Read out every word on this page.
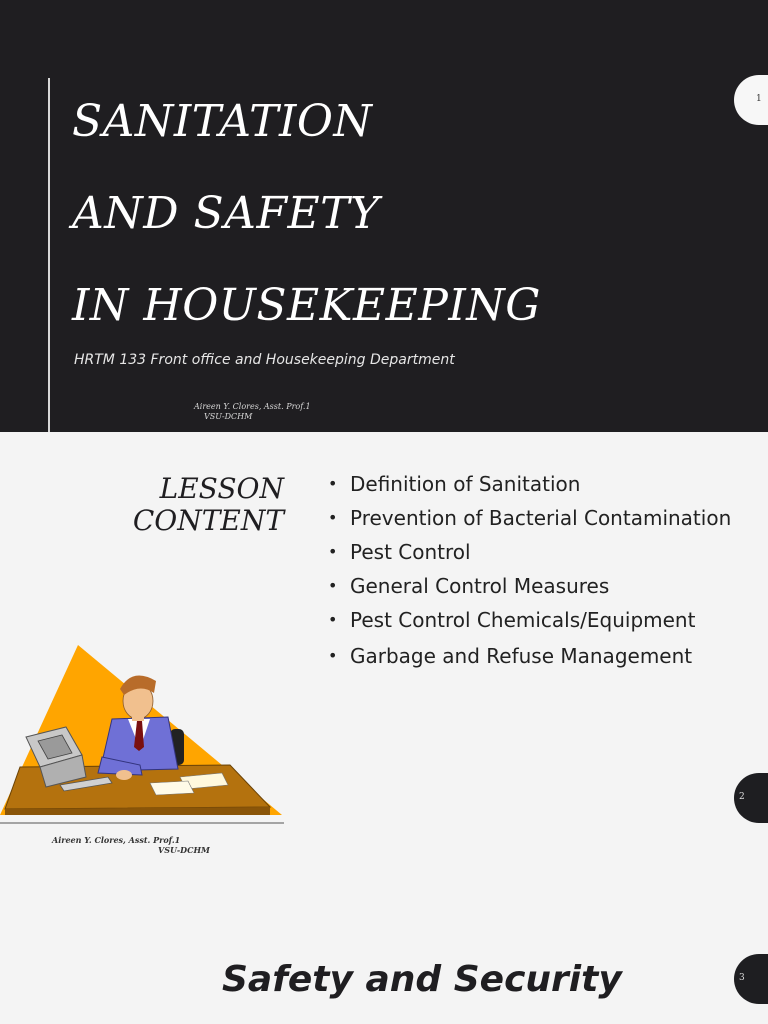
SANITATION
AND SAFETY
IN HOUSEKEEPING
HRTM 133 Front office and Housekeeping Department
Aireen Y. Clores, Asst. Prof.1
VSU-DCHM
1
LESSON
CONTENT
• Definition of Sanitation
• Prevention of Bacterial Contamination
• Pest Control
• General Control Measures
• Pest Control Chemicals/Equipment
• Garbage and Refuse Management
Aireen Y. Clores, Asst. Prof.1
VSU-DCHM
2
Safety and Security	3
